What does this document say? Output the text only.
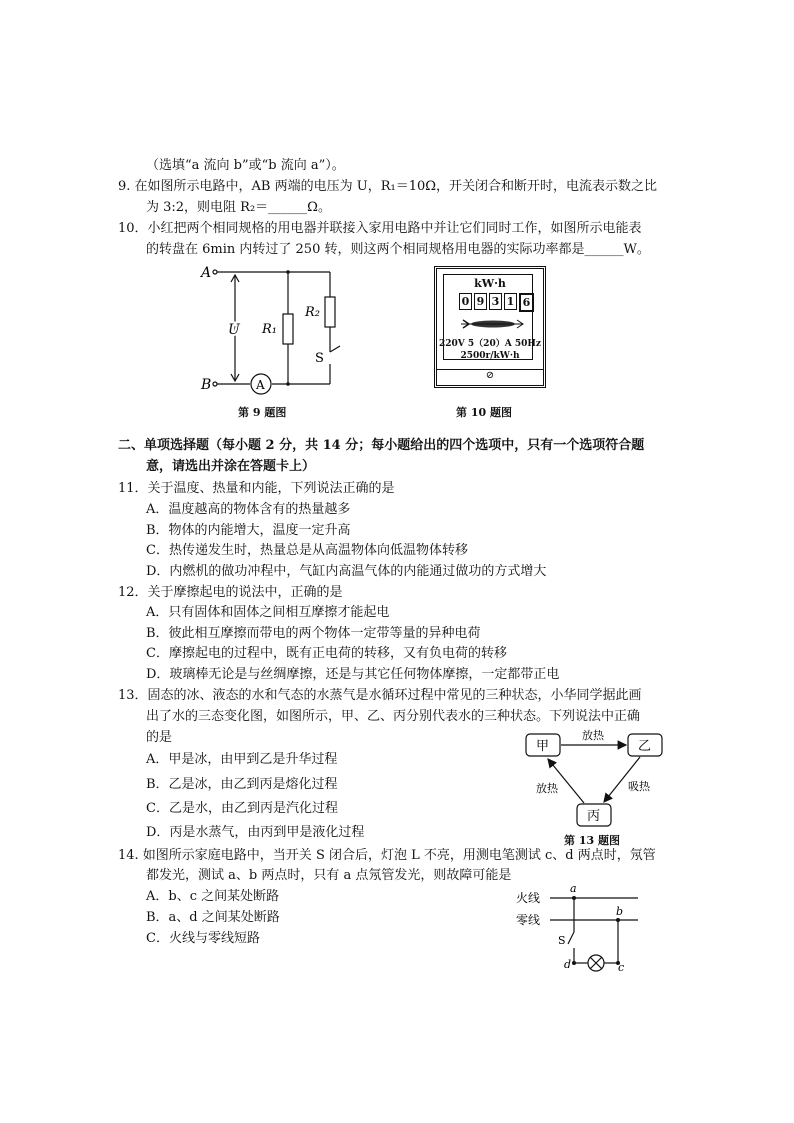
（选填“a 流向 b”或“b 流向 a”）。
9. 在如图所示电路中，AB 两端的电压为 U，R₁＝10Ω，开关闭合和断开时，电流表示数之比
为 3:2，则电阻 R₂＝______Ω。
10．小红把两个相同规格的用电器并联接入家用电路中并让它们同时工作，如图所示电能表
的转盘在 6min 内转过了 250 转，则这两个相同规格用电器的实际功率都是______W。
A
B
U R₁
R₂
S
A
第 9 题图
kW·h
0 9 3 1 6
220V 5（20）A 50Hz
2500r/kW·h
⊘
第 10 题图
二、单项选择题（每小题 2 分，共 14 分；每小题给出的四个选项中，只有一个选项符合题
意，请选出并涂在答题卡上）
11．关于温度、热量和内能，下列说法正确的是
A．温度越高的物体含有的热量越多
B．物体的内能增大，温度一定升高
C．热传递发生时，热量总是从高温物体向低温物体转移
D．内燃机的做功冲程中，气缸内高温气体的内能通过做功的方式增大
12．关于摩擦起电的说法中，正确的是
A．只有固体和固体之间相互摩擦才能起电
B．彼此相互摩擦而带电的两个物体一定带等量的异种电荷
C．摩擦起电的过程中，既有正电荷的转移，又有负电荷的转移
D．玻璃棒无论是与丝绸摩擦，还是与其它任何物体摩擦，一定都带正电
13．固态的冰、液态的水和气态的水蒸气是水循环过程中常见的三种状态，小华同学据此画
出了水的三态变化图，如图所示，甲、乙、丙分别代表水的三种状态。下列说法中正确
的是
A．甲是冰，由甲到乙是升华过程
B．乙是冰，由乙到丙是熔化过程
C．乙是水，由乙到丙是汽化过程
D．丙是水蒸气，由丙到甲是液化过程
甲	乙
丙
放热
放热	吸热
第 13 题图
14. 如图所示家庭电路中，当开关 S 闭合后，灯泡 L 不亮，用测电笔测试 c、d 两点时，氖管
都发光，测试 a、b 两点时，只有 a 点氖管发光，则故障可能是
A．b、c 之间某处断路
B．a、d 之间某处断路
C．火线与零线短路
火线
零线
a
b
c
d
S
